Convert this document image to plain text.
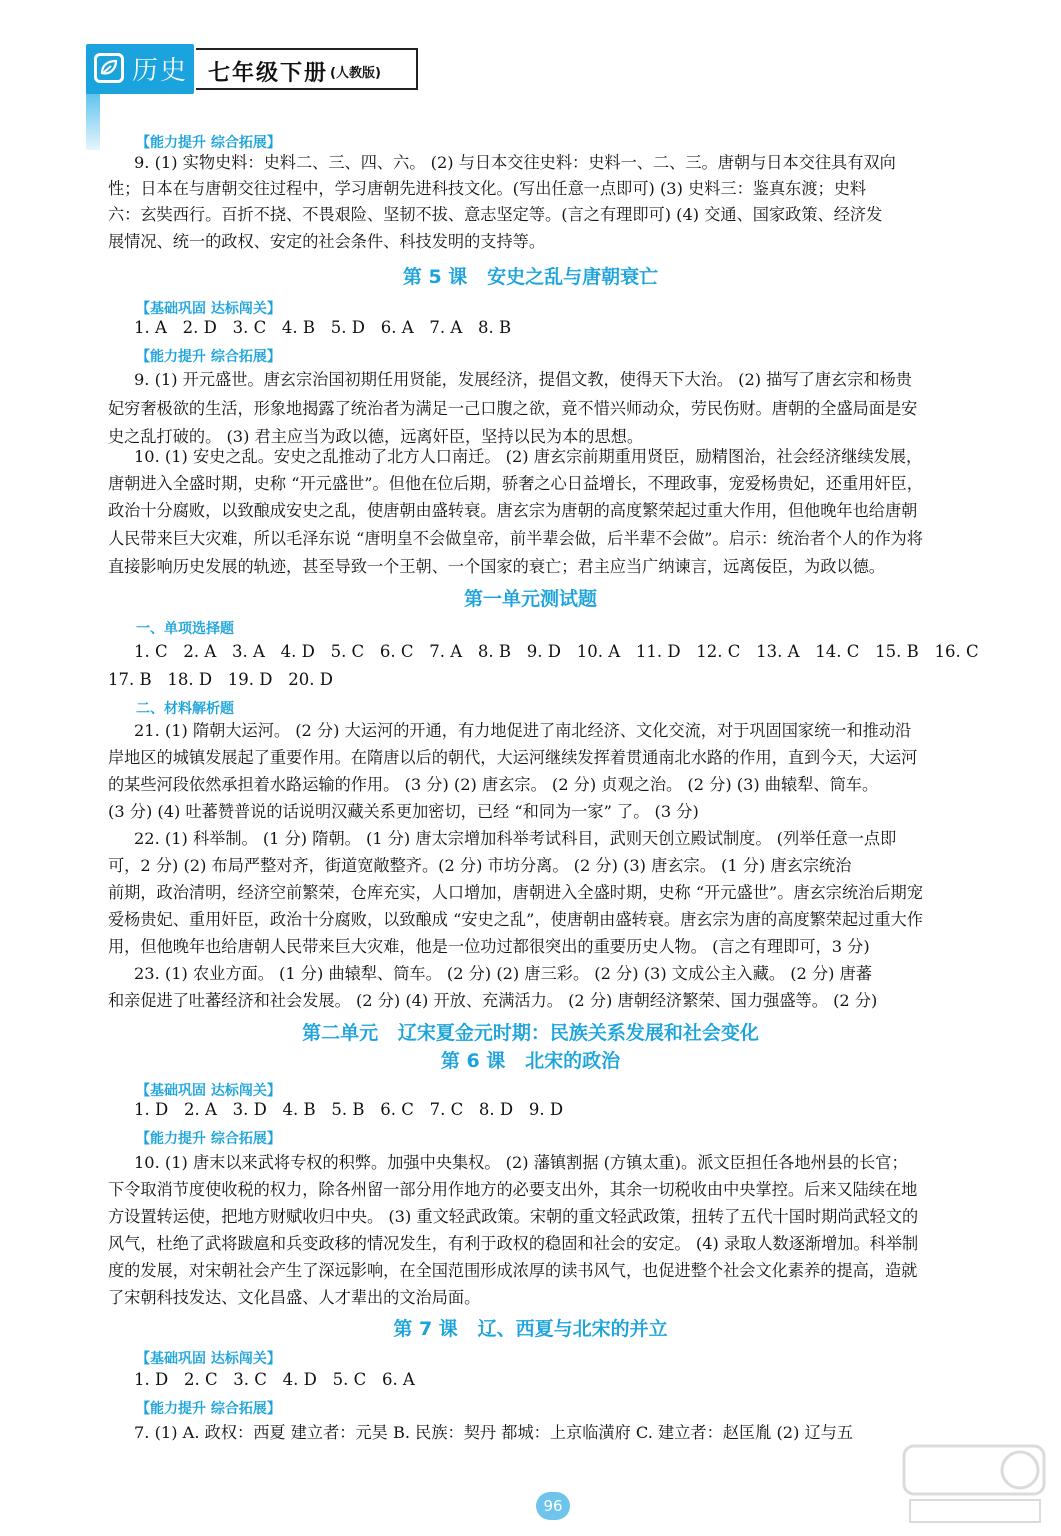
历史 七年级下册 (人教版)
【能力提升 综合拓展】
9. (1) 实物史料：史料二、三、四、六。 (2) 与日本交往史料：史料一、二、三。唐朝与日本交往具有双向
性；日本在与唐朝交往过程中，学习唐朝先进科技文化。(写出任意一点即可) (3) 史料三：鉴真东渡；史料
六：玄奘西行。百折不挠、不畏艰险、坚韧不拔、意志坚定等。(言之有理即可) (4) 交通、国家政策、经济发
展情况、统一的政权、安定的社会条件、科技发明的支持等。
第 5 课   安史之乱与唐朝衰亡
【基础巩固 达标闯关】
1. A   2. D   3. C   4. B   5. D   6. A   7. A   8. B
【能力提升 综合拓展】
9. (1) 开元盛世。唐玄宗治国初期任用贤能，发展经济，提倡文教，使得天下大治。 (2) 描写了唐玄宗和杨贵
妃穷奢极欲的生活，形象地揭露了统治者为满足一己口腹之欲，竟不惜兴师动众，劳民伤财。唐朝的全盛局面是安
史之乱打破的。 (3) 君主应当为政以德，远离奸臣，坚持以民为本的思想。
10. (1) 安史之乱。安史之乱推动了北方人口南迁。 (2) 唐玄宗前期重用贤臣，励精图治，社会经济继续发展，
唐朝进入全盛时期，史称 “开元盛世”。但他在位后期，骄奢之心日益增长，不理政事，宠爱杨贵妃，还重用奸臣，
政治十分腐败，以致酿成安史之乱，使唐朝由盛转衰。唐玄宗为唐朝的高度繁荣起过重大作用，但他晚年也给唐朝
人民带来巨大灾难，所以毛泽东说 “唐明皇不会做皇帝，前半辈会做，后半辈不会做”。启示：统治者个人的作为将
直接影响历史发展的轨迹，甚至导致一个王朝、一个国家的衰亡；君主应当广纳谏言，远离佞臣，为政以德。
第一单元测试题
一、单项选择题
1. C   2. A   3. A   4. D   5. C   6. C   7. A   8. B   9. D   10. A   11. D   12. C   13. A   14. C   15. B   16. C
17. B   18. D   19. D   20. D
二、材料解析题
21. (1) 隋朝大运河。 (2 分) 大运河的开通，有力地促进了南北经济、文化交流，对于巩固国家统一和推动沿
岸地区的城镇发展起了重要作用。在隋唐以后的朝代，大运河继续发挥着贯通南北水路的作用，直到今天，大运河
的某些河段依然承担着水路运输的作用。 (3 分) (2) 唐玄宗。 (2 分) 贞观之治。 (2 分) (3) 曲辕犁、筒车。
(3 分) (4) 吐蕃赞普说的话说明汉藏关系更加密切，已经 “和同为一家” 了。 (3 分)
22. (1) 科举制。 (1 分) 隋朝。 (1 分) 唐太宗增加科举考试科目，武则天创立殿试制度。 (列举任意一点即
可，2 分) (2) 布局严整对齐，街道宽敞整齐。(2 分) 市坊分离。 (2 分) (3) 唐玄宗。 (1 分) 唐玄宗统治
前期，政治清明，经济空前繁荣，仓库充实，人口增加，唐朝进入全盛时期，史称 “开元盛世”。唐玄宗统治后期宠
爱杨贵妃、重用奸臣，政治十分腐败，以致酿成 “安史之乱”，使唐朝由盛转衰。唐玄宗为唐的高度繁荣起过重大作
用，但他晚年也给唐朝人民带来巨大灾难，他是一位功过都很突出的重要历史人物。 (言之有理即可，3 分)
23. (1) 农业方面。 (1 分) 曲辕犁、筒车。 (2 分) (2) 唐三彩。 (2 分) (3) 文成公主入藏。 (2 分) 唐蕃
和亲促进了吐蕃经济和社会发展。 (2 分) (4) 开放、充满活力。 (2 分) 唐朝经济繁荣、国力强盛等。 (2 分)
第二单元   辽宋夏金元时期：民族关系发展和社会变化
第 6 课   北宋的政治
【基础巩固 达标闯关】
1. D   2. A   3. D   4. B   5. B   6. C   7. C   8. D   9. D
【能力提升 综合拓展】
10. (1) 唐末以来武将专权的积弊。加强中央集权。 (2) 藩镇割据 (方镇太重)。派文臣担任各地州县的长官；
下令取消节度使收税的权力，除各州留一部分用作地方的必要支出外，其余一切税收由中央掌控。后来又陆续在地
方设置转运使，把地方财赋收归中央。 (3) 重文轻武政策。宋朝的重文轻武政策，扭转了五代十国时期尚武轻文的
风气，杜绝了武将跋扈和兵变政移的情况发生，有利于政权的稳固和社会的安定。 (4) 录取人数逐渐增加。科举制
度的发展，对宋朝社会产生了深远影响，在全国范围形成浓厚的读书风气，也促进整个社会文化素养的提高，造就
了宋朝科技发达、文化昌盛、人才辈出的文治局面。
第 7 课   辽、西夏与北宋的并立
【基础巩固 达标闯关】
1. D   2. C   3. C   4. D   5. C   6. A
【能力提升 综合拓展】
7. (1) A. 政权：西夏 建立者：元昊 B. 民族：契丹 都城：上京临潢府 C. 建立者：赵匡胤 (2) 辽与五
96
